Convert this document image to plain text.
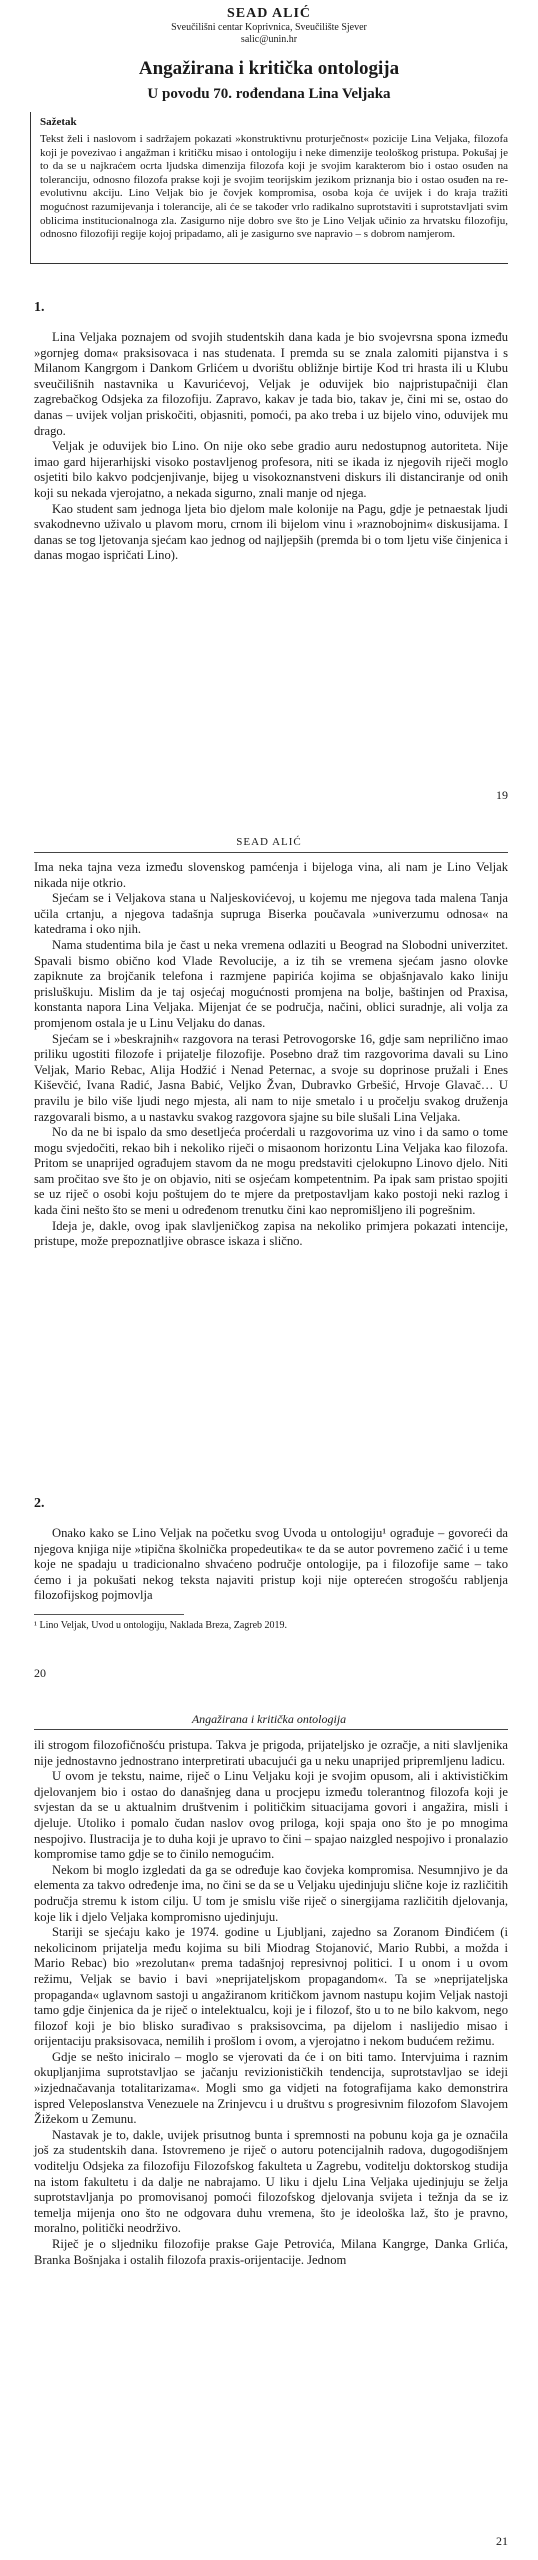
SEAD ALIĆ

Sveučilišni centar Koprivnica, Sveučilište Sjever

salic@unin.hr

Angažirana i kritička ontologija
U povodu 70. rođendana Lina Veljaka

Sažetak

Tekst želi i naslovom i sadržajem pokazati »konstruktivnu proturječnost« pozicije Lina Veljaka, filozofa koji je povezivao i angažman i kritičku misao i ontologiju i neke dimenzije teološkog pristupa. Pokušaj je to da se u najkraćem ocrta ljudska dimenzija filozofa koji je svojim karakterom bio i ostao osuđen na toleranciju, odnosno filozofa prakse koji je svojim teorijskim jezikom priznanja bio i ostao osuđen na re-evolutivnu akciju. Lino Veljak bio je čovjek kompromisa, osoba koja će uvijek i do kraja tražiti mogućnost razumijevanja i tolerancije, ali će se također vrlo radikalno suprotstaviti i suprotstavljati svim oblicima institucionalnoga zla. Zasigurno nije dobro sve što je Lino Veljak učinio za hrvatsku filozofiju, odnosno filozofiji regije kojoj pripadamo, ali je zasigurno sve napravio – s dobrom namjerom.

1.

Lina Veljaka poznajem od svojih studentskih dana kada je bio svojevrsna spona između »gornjeg doma« praksisovaca i nas studenata. I premda su se znala zalomiti pijanstva i s Milanom Kangrgom i Dankom Grlićem u dvorištu obližnje birtije Kod tri hrasta ili u Klubu sveučilišnih nastavnika u Kavurićevoj, Veljak je oduvijek bio najpristupačniji član zagrebačkog Odsjeka za filozofiju. Zapravo, kakav je tada bio, takav je, čini mi se, ostao do danas – uvijek voljan priskočiti, objasniti, pomoći, pa ako treba i uz bijelo vino, oduvijek mu drago.

Veljak je oduvijek bio Lino. On nije oko sebe gradio auru nedostupnog autoriteta. Nije imao gard hijerarhijski visoko postavljenog profesora, niti se ikada iz njegovih riječi moglo osjetiti bilo kakvo podcjenjivanje, bijeg u visokoznanstveni diskurs ili distanciranje od onih koji su nekada vjerojatno, a nekada sigurno, znali manje od njega.

Kao student sam jednoga ljeta bio djelom male kolonije na Pagu, gdje je petnaestak ljudi svakodnevno uživalo u plavom moru, crnom ili bijelom vinu i »raznobojnim« diskusijama. I danas se tog ljetovanja sjećam kao jednog od najljepših (premda bi o tom ljetu više činjenica i danas mogao ispričati Lino).

19
SEAD ALIĆ

Ima neka tajna veza između slovenskog pamćenja i bijeloga vina, ali nam je Lino Veljak nikada nije otkrio.

Sjećam se i Veljakova stana u Naljeskovićevoj, u kojemu me njegova tada malena Tanja učila crtanju, a njegova tadašnja supruga Biserka poučavala »univerzumu odnosa« na katedrama i oko njih.

Nama studentima bila je čast u neka vremena odlaziti u Beograd na Slobodni univerzitet. Spavali bismo obično kod Vlade Revolucije, a iz tih se vremena sjećam jasno olovke zapiknute za brojčanik telefona i razmjene papirića kojima se objašnjavalo kako liniju prisluškuju. Mislim da je taj osjećaj mogućnosti promjena na bolje, baštinjen od Praxisa, konstanta napora Lina Veljaka. Mijenjat će se područja, načini, oblici suradnje, ali volja za promjenom ostala je u Linu Veljaku do danas.

Sjećam se i »beskrajnih« razgovora na terasi Petrovogorske 16, gdje sam neprilično imao priliku ugostiti filozofe i prijatelje filozofije. Posebno draž tim razgovorima davali su Lino Veljak, Mario Rebac, Alija Hodžić i Nenad Peternac, a svoje su doprinose pružali i Enes Kiševčić, Ivana Radić, Jasna Babić, Veljko Žvan, Dubravko Grbešić, Hrvoje Glavač… U pravilu je bilo više ljudi nego mjesta, ali nam to nije smetalo i u pročelju svakog druženja razgovarali bismo, a u nastavku svakog razgovora sjajne su bile slušali Lina Veljaka.

No da ne bi ispalo da smo desetljeća proćerdali u razgovorima uz vino i da samo o tome mogu svjedočiti, rekao bih i nekoliko riječi o misaonom horizontu Lina Veljaka kao filozofa. Pritom se unaprijed ograđujem stavom da ne mogu predstaviti cjelokupno Linovo djelo. Niti sam pročitao sve što je on objavio, niti se osjećam kompetentnim. Pa ipak sam pristao spojiti se uz riječ o osobi koju poštujem do te mjere da pretpostavljam kako postoji neki razlog i kada čini nešto što se meni u određenom trenutku čini kao nepromišljeno ili pogrešnim.

Ideja je, dakle, ovog ipak slavljeničkog zapisa na nekoliko primjera pokazati intencije, pristupe, može prepoznatljive obrasce iskaza i slično.

2.

Onako kako se Lino Veljak na početku svog Uvoda u ontologiju¹ ograđuje – govoreći da njegova knjiga nije »tipična školnička propedeutika« te da se autor povremeno začić i u teme koje ne spadaju u tradicionalno shvaćeno područje ontologije, pa i filozofije same – tako ćemo i ja pokušati nekog teksta najaviti pristup koji nije opterećen strogošću rabljenja filozofijskog pojmovlja

¹ Lino Veljak, Uvod u ontologiju, Naklada Breza, Zagreb 2019.
20
Angažirana i kritička ontologija

ili strogom filozofičnošću pristupa. Takva je prigoda, prijateljsko je ozračje, a niti slavljenika nije jednostavno jednostrano interpretirati ubacujući ga u neku unaprijed pripremljenu ladicu.

U ovom je tekstu, naime, riječ o Linu Veljaku koji je svojim opusom, ali i aktivističkim djelovanjem bio i ostao do današnjeg dana u procjepu između tolerantnog filozofa koji je svjestan da se u aktualnim društvenim i političkim situacijama govori i angažira, misli i djeluje. Utoliko i pomalo čudan naslov ovog priloga, koji spaja ono što je po mnogima nespojivo. Ilustracija je to duha koji je upravo to čini – spajao naizgled nespojivo i pronalazio kompromise tamo gdje se to činilo nemogućim.

Nekom bi moglo izgledati da ga se određuje kao čovjeka kompromisa. Nesumnjivo je da elementa za takvo određenje ima, no čini se da se u Veljaku ujedinjuju slične koje iz različitih područja stremu k istom cilju. U tom je smislu više riječ o sinergijama različitih djelovanja, koje lik i djelo Veljaka kompromisno ujedinjuju.

Stariji se sjećaju kako je 1974. godine u Ljubljani, zajedno sa Zoranom Đinđićem (i nekolicinom prijatelja među kojima su bili Miodrag Stojanović, Mario Rubbi, a možda i Mario Rebac) bio »rezolutan« prema tadašnjoj represivnoj politici. I u onom i u ovom režimu, Veljak se bavio i bavi »neprijateljskom propagandom«. Ta se »neprijateljska propaganda« uglavnom sastoji u angažiranom kritičkom javnom nastupu kojim Veljak nastoji tamo gdje činjenica da je riječ o intelektualcu, koji je i filozof, što u to ne bilo kakvom, nego filozof koji je bio blisko surađivao s praksisovcima, pa dijelom i naslijedio misao i orijentaciju praksisovaca, nemilih i prošlom i ovom, a vjerojatno i nekom budućem režimu.

Gdje se nešto iniciralo – moglo se vjerovati da će i on biti tamo. Intervjuima i raznim okupljanjima suprotstavljao se jačanju revizionističkih tendencija, suprotstavljao se ideji »izjednačavanja totalitarizama«. Mogli smo ga vidjeti na fotografijama kako demonstrira ispred Veleposlanstva Venezuele na Zrinjevcu i u društvu s progresivnim filozofom Slavojem Žižekom u Zemunu.

Nastavak je to, dakle, uvijek prisutnog bunta i spremnosti na pobunu koja ga je označila još za studentskih dana. Istovremeno je riječ o autoru potencijalnih radova, dugogodišnjem voditelju Odsjeka za filozofiju Filozofskog fakulteta u Zagrebu, voditelju doktorskog studija na istom fakultetu i da dalje ne nabrajamo. U liku i djelu Lina Veljaka ujedinjuju se želja suprotstavljanja po promovisanoj pomoći filozofskog djelovanja svijeta i težnja da se iz temelja mijenja ono što ne odgovara duhu vremena, što je ideološka laž, što je pravno, moralno, politički neodrživo.

Riječ je o sljedniku filozofije prakse Gaje Petrovića, Milana Kangrge, Danka Grlića, Branka Bošnjaka i ostalih filozofa praxis-orijentacije. Jednom

21
